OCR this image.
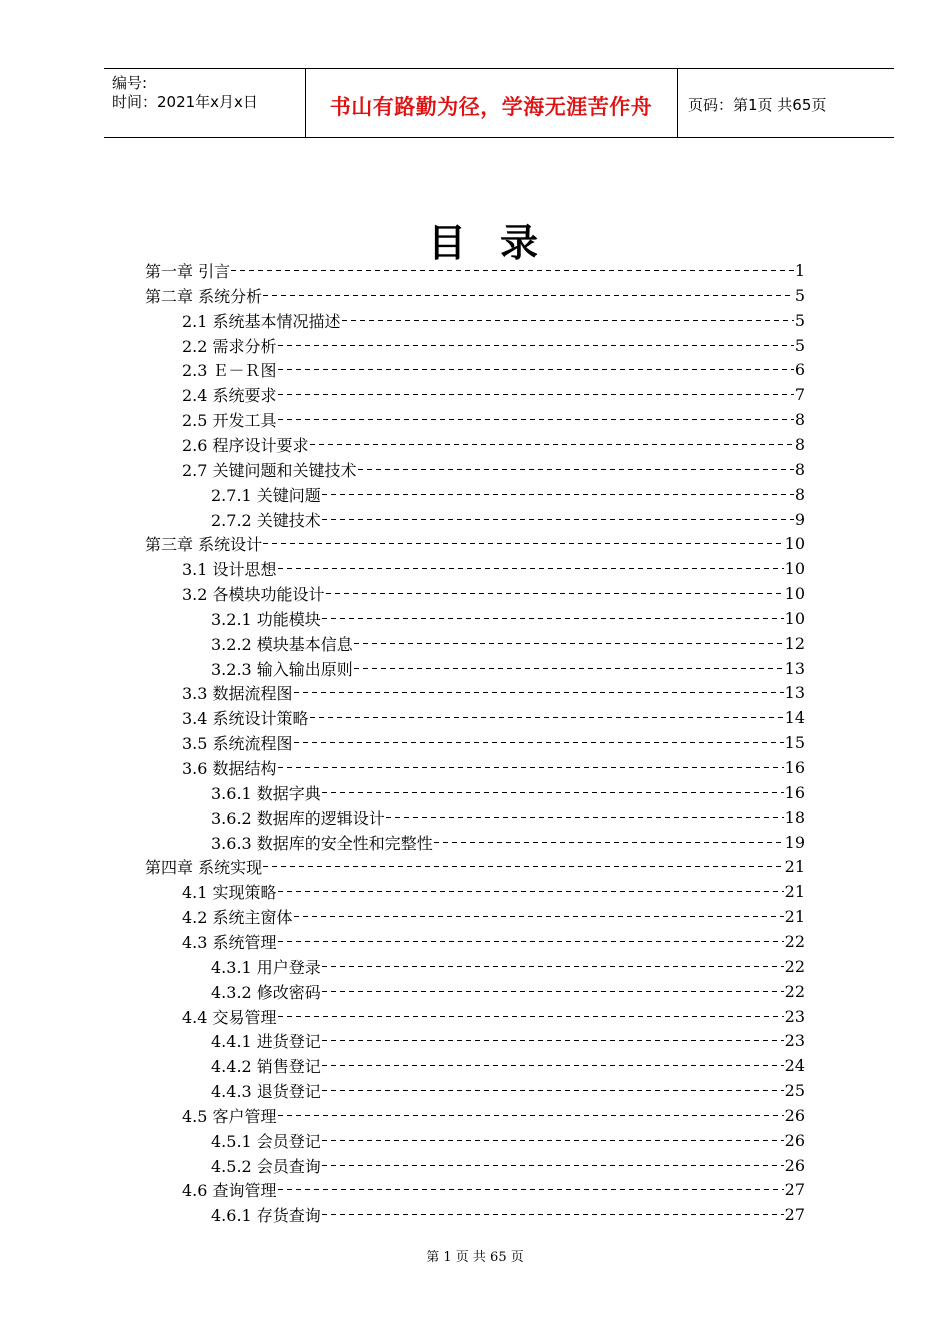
编号:
时间：2021年x月x日	书山有路勤为径，学海无涯苦作舟	页码：第1页 共65页
目录
第一章 引言	1
第二章 系统分析	5
2.1 系统基本情况描述	5
2.2 需求分析	5
2.3 Ｅ－Ｒ图	6
2.4 系统要求	7
2.5 开发工具	8
2.6 程序设计要求	8
2.7 关键问题和关键技术	8
2.7.1 关键问题	8
2.7.2 关键技术	9
第三章 系统设计	10
3.1 设计思想	10
3.2 各模块功能设计	10
3.2.1 功能模块	10
3.2.2 模块基本信息	12
3.2.3 输入输出原则	13
3.3 数据流程图	13
3.4 系统设计策略	14
3.5 系统流程图	15
3.6 数据结构	16
3.6.1 数据字典	16
3.6.2 数据库的逻辑设计	18
3.6.3 数据库的安全性和完整性	19
第四章 系统实现	21
4.1 实现策略	21
4.2 系统主窗体	21
4.3 系统管理	22
4.3.1 用户登录	22
4.3.2 修改密码	22
4.4 交易管理	23
4.4.1 进货登记	23
4.4.2 销售登记	24
4.4.3 退货登记	25
4.5 客户管理	26
4.5.1 会员登记	26
4.5.2 会员查询	26
4.6 查询管理	27
4.6.1 存货查询	27
第 1 页 共 65 页
